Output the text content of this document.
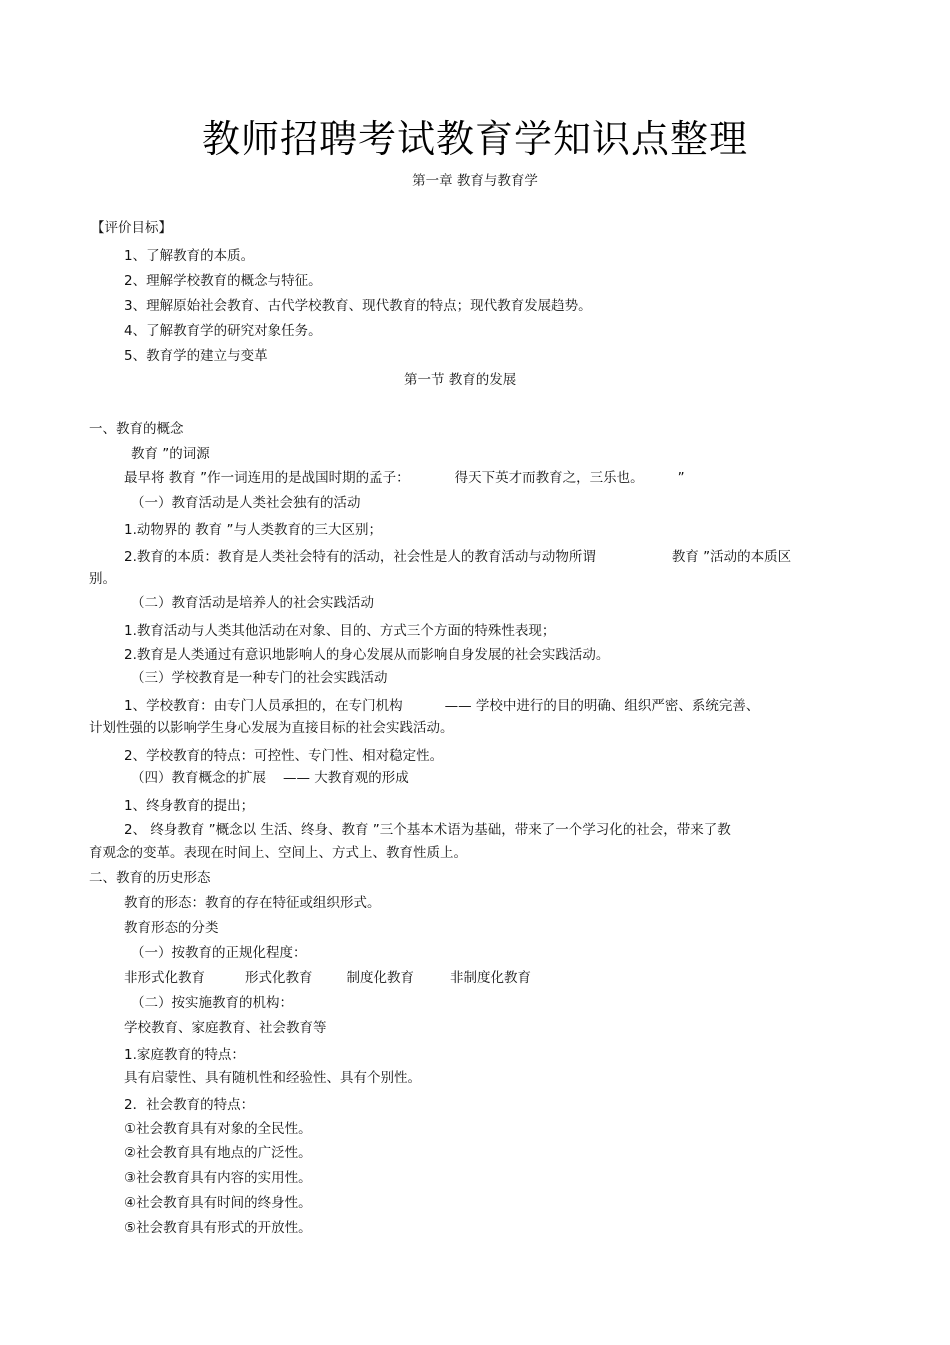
教师招聘考试教育学知识点整理
第一章 教育与教育学
【评价目标】
1、了解教育的本质。
2、理解学校教育的概念与特征。
3、理解原始社会教育、古代学校教育、现代教育的特点；现代教育发展趋势。
4、了解教育学的研究对象任务。
5、教育学的建立与变革
第一节 教育的发展
一、教育的概念
教育 ”的词源
最早将 教育 ”作一词连用的是战国时期的孟子：	得天下英才而教育之，三乐也。	”
（一）教育活动是人类社会独有的活动
1.动物界的 教育 ”与人类教育的三大区别；
2.教育的本质：教育是人类社会特有的活动，社会性是人的教育活动与动物所谓	教育 ”活动的本质区
别。
（二）教育活动是培养人的社会实践活动
1.教育活动与人类其他活动在对象、目的、方式三个方面的特殊性表现；
2.教育是人类通过有意识地影响人的身心发展从而影响自身发展的社会实践活动。
（三）学校教育是一种专门的社会实践活动
1、学校教育：由专门人员承担的，在专门机构	—— 学校中进行的目的明确、组织严密、系统完善、
计划性强的以影响学生身心发展为直接目标的社会实践活动。
2、学校教育的特点：可控性、专门性、相对稳定性。
（四）教育概念的扩展 —— 大教育观的形成
1、终身教育的提出；
2、 终身教育 ”概念以 生活、终身、教育 ”三个基本术语为基础，带来了一个学习化的社会，带来了教
育观念的变革。表现在时间上、空间上、方式上、教育性质上。
二、教育的历史形态
教育的形态：教育的存在特征或组织形式。
教育形态的分类
（一）按教育的正规化程度：
非形式化教育	形式化教育	制度化教育	非制度化教育
（二）按实施教育的机构：
学校教育、家庭教育、社会教育等
1.家庭教育的特点：
具有启蒙性、具有随机性和经验性、具有个别性。
2．社会教育的特点：
①社会教育具有对象的全民性。
②社会教育具有地点的广泛性。
③社会教育具有内容的实用性。
④社会教育具有时间的终身性。
⑤社会教育具有形式的开放性。
